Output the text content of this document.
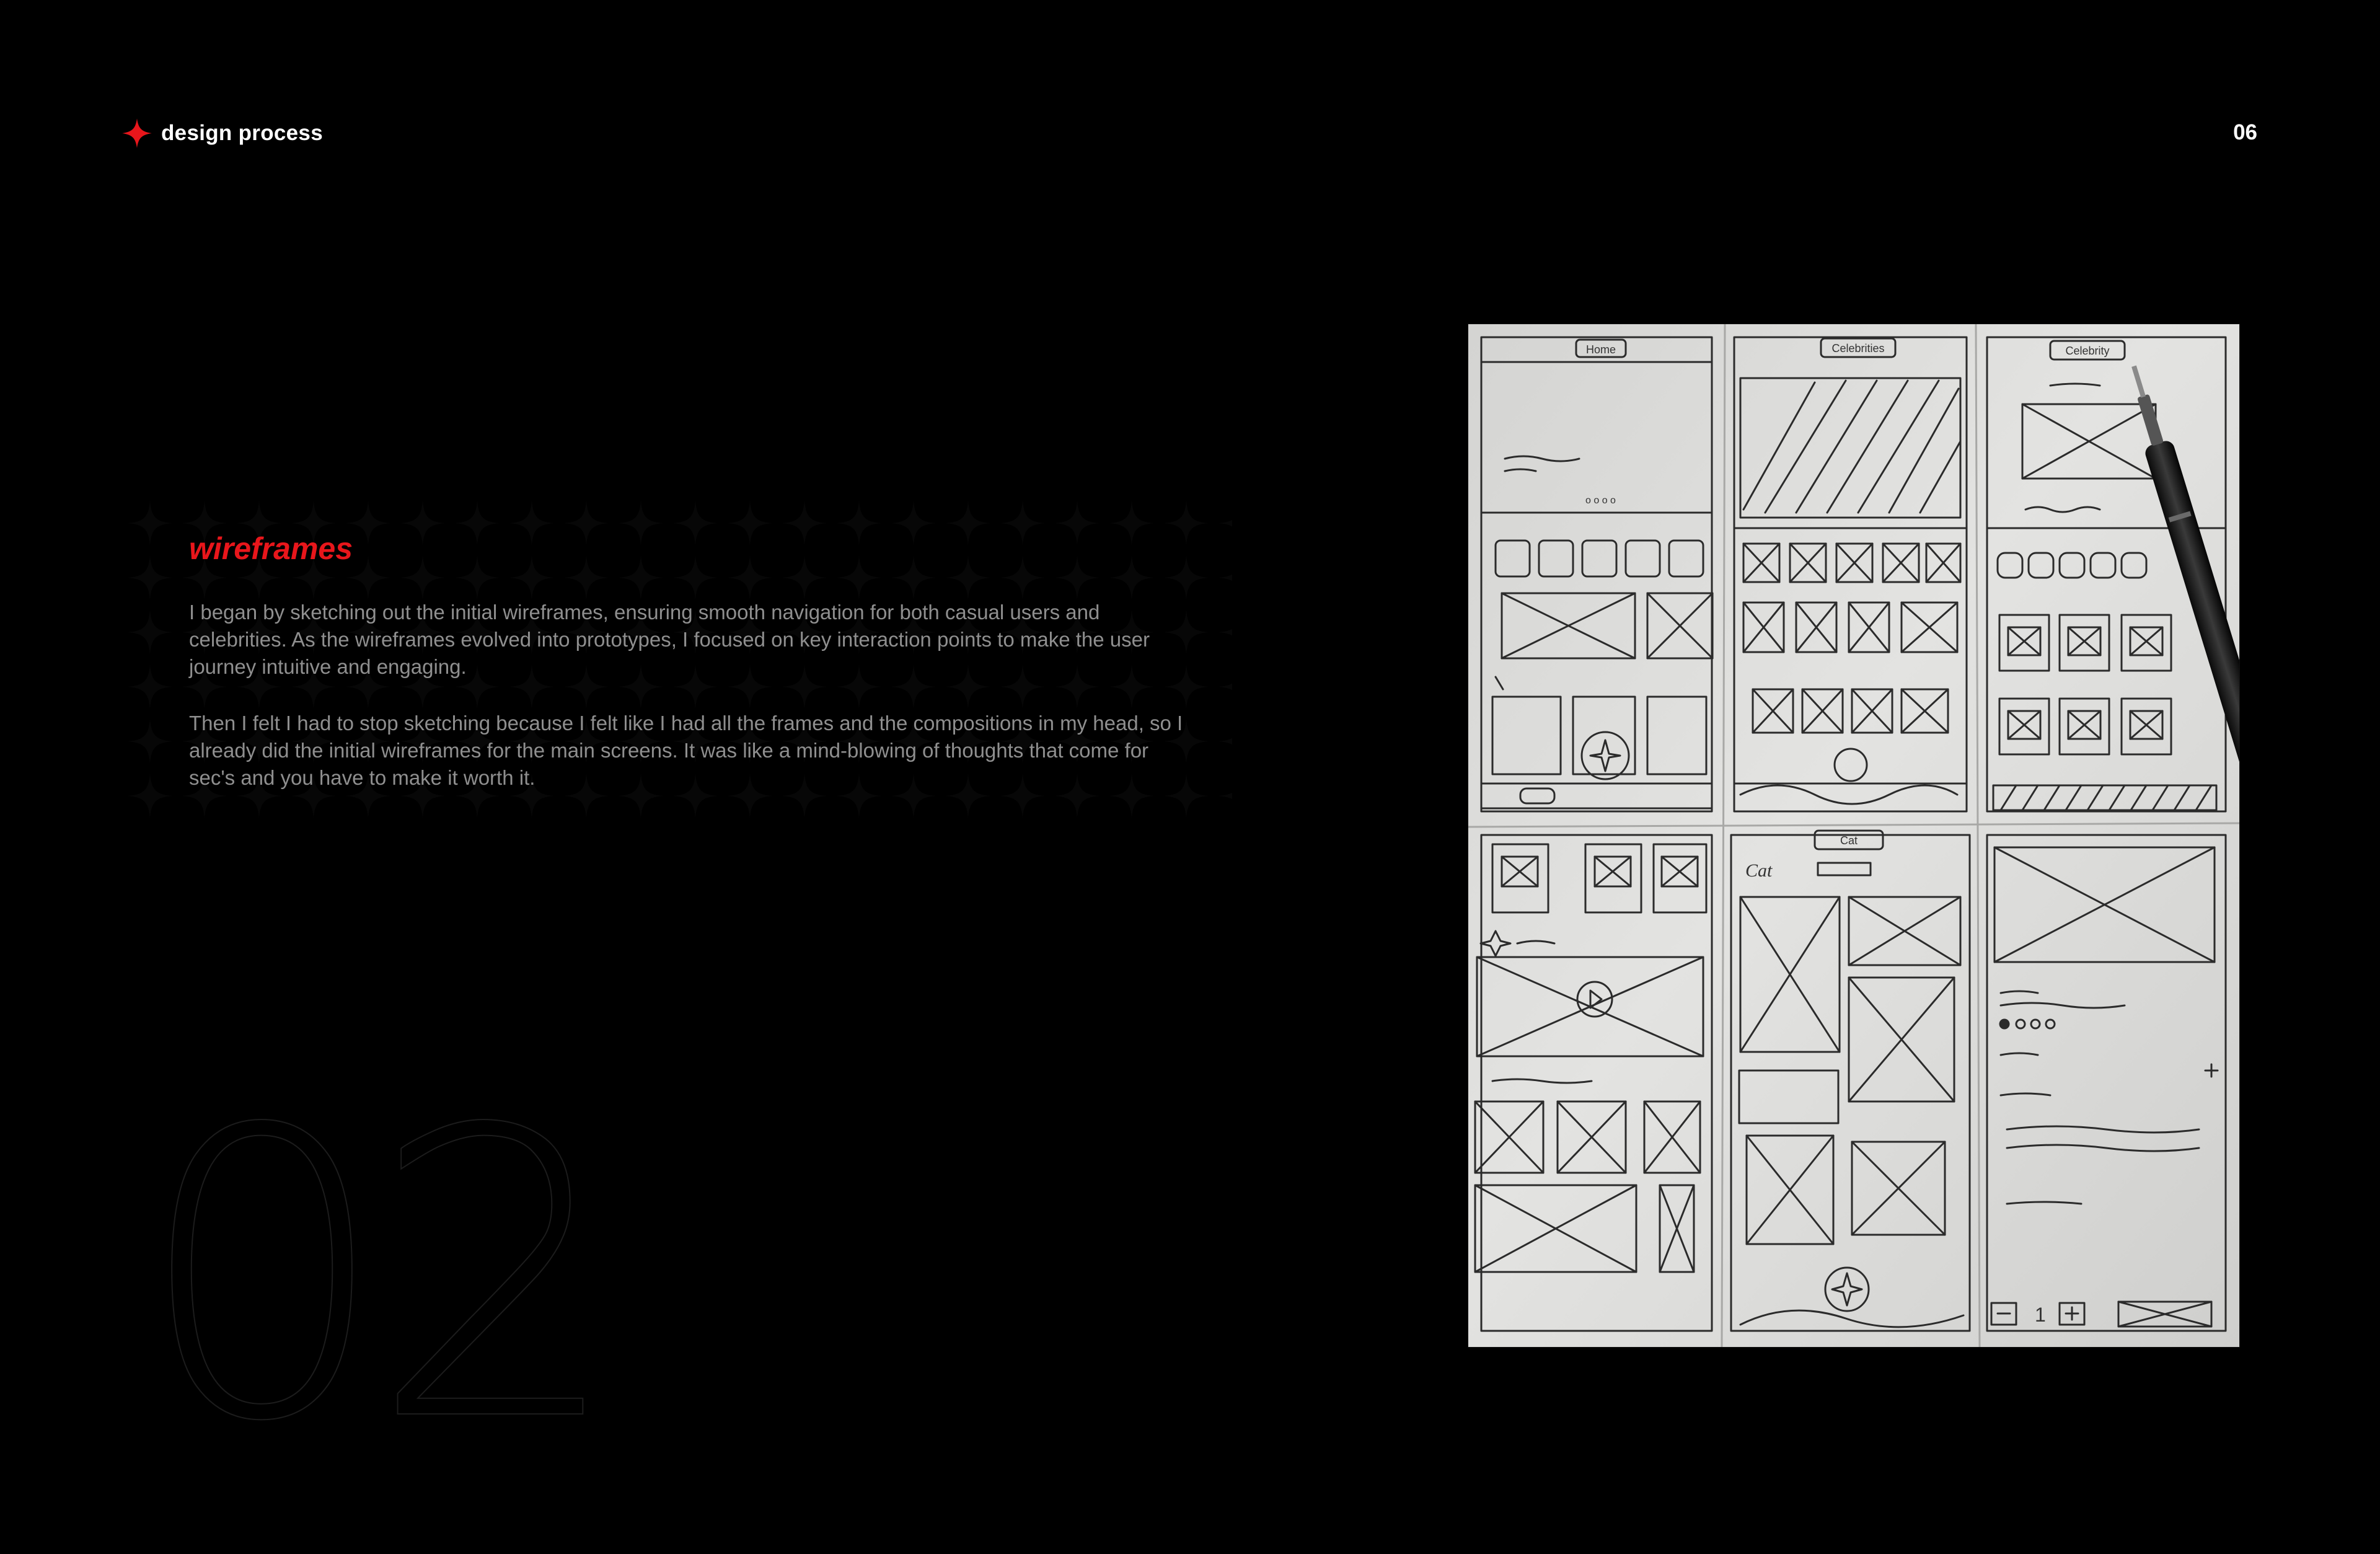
design process	06
02
wireframes

I began by sketching out the initial wireframes, ensuring smooth navigation for both casual users and celebrities. As the wireframes evolved into prototypes, I focused on key interaction points to make the user journey intuitive and engaging.

Then I felt I had to stop sketching because I felt like I had all the frames and the compositions in my head, so I already did the initial wireframes for the main screens. It was like a mind-blowing of thoughts that come for sec's and you have to make it worth it.

Home
o o o o
Celebrities	Celebrity
Cat
Cat
1
